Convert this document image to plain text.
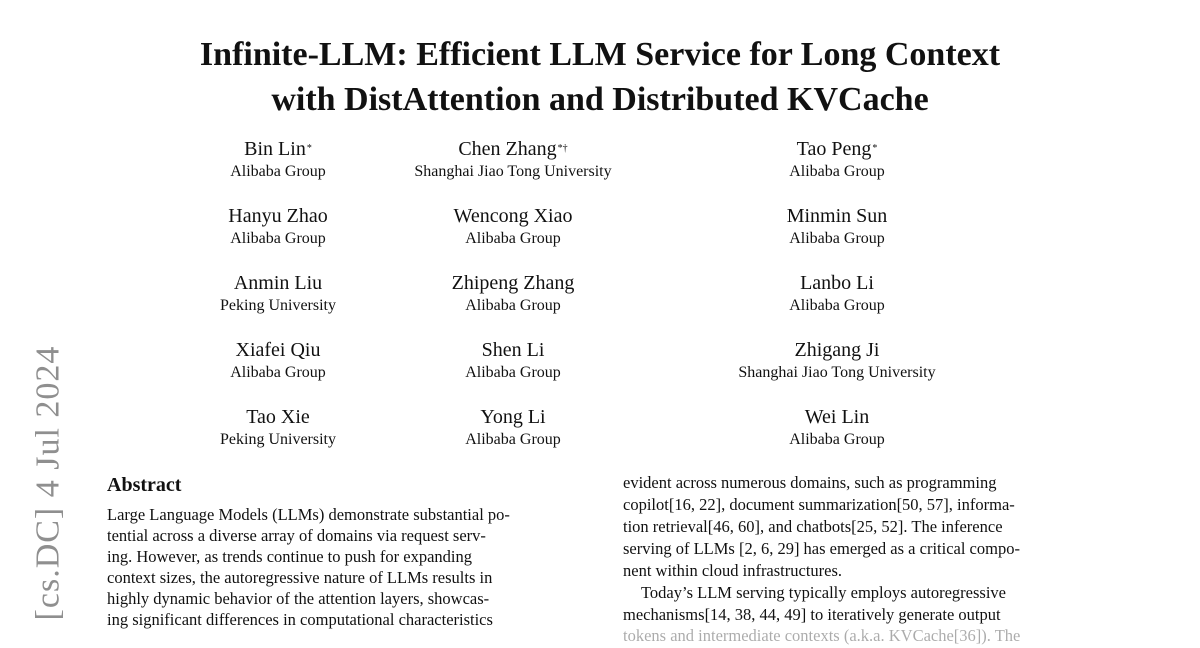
[cs.DC] 4 Jul 2024
Infinite-LLM: Efficient LLM Service for Long Context
with DistAttention and Distributed KVCache
Bin Lin*
Alibaba Group
Chen Zhang*†
Shanghai Jiao Tong University
Tao Peng*
Alibaba Group
Hanyu Zhao
Alibaba Group
Wencong Xiao
Alibaba Group
Minmin Sun
Alibaba Group
Anmin Liu
Peking University
Zhipeng Zhang
Alibaba Group
Lanbo Li
Alibaba Group
Xiafei Qiu
Alibaba Group
Shen Li
Alibaba Group
Zhigang Ji
Shanghai Jiao Tong University
Tao Xie
Peking University
Yong Li
Alibaba Group
Wei Lin
Alibaba Group
Abstract
Large Language Models (LLMs) demonstrate substantial po-
tential across a diverse array of domains via request serv-
ing. However, as trends continue to push for expanding
context sizes, the autoregressive nature of LLMs results in
highly dynamic behavior of the attention layers, showcas-
ing significant differences in computational characteristics
evident across numerous domains, such as programming
copilot[16, 22], document summarization[50, 57], informa-
tion retrieval[46, 60], and chatbots[25, 52]. The inference
serving of LLMs [2, 6, 29] has emerged as a critical compo-
nent within cloud infrastructures.
Today’s LLM serving typically employs autoregressive
mechanisms[14, 38, 44, 49] to iteratively generate output
tokens and intermediate contexts (a.k.a. KVCache[36]). The
